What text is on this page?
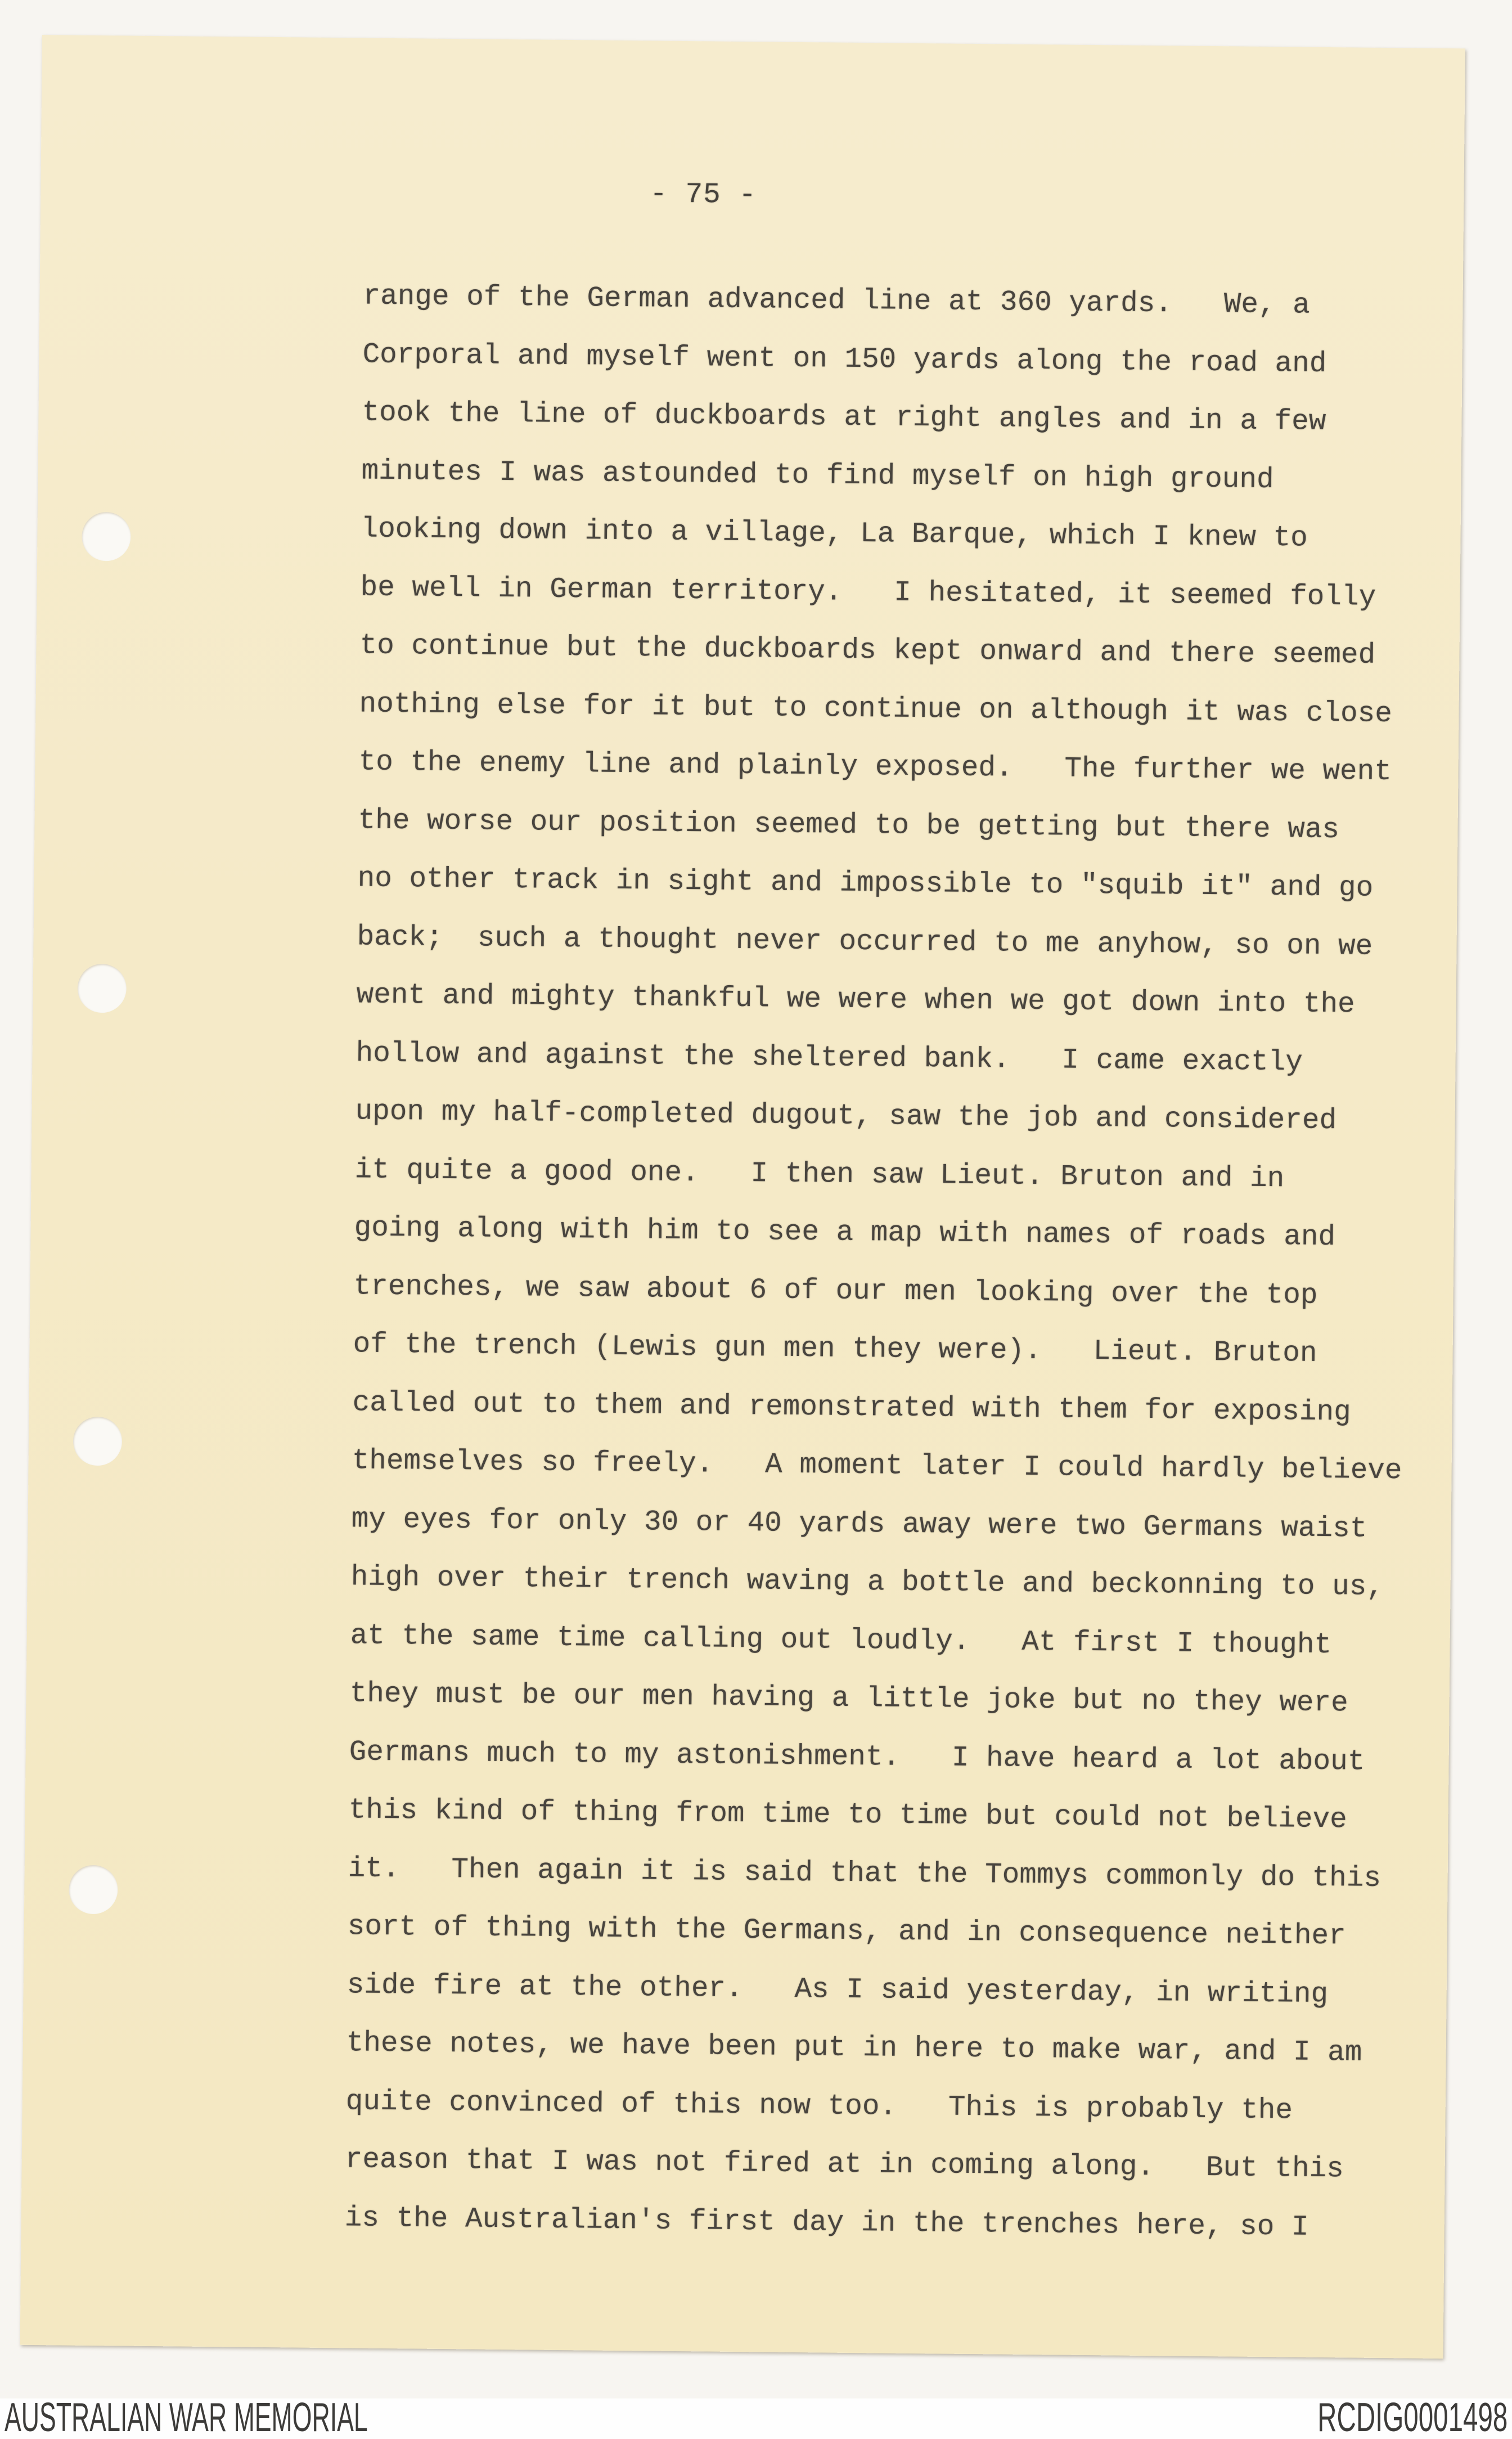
- 75 -
range of the German advanced line at 360 yards.   We, a
Corporal and myself went on 150 yards along the road and
took the line of duckboards at right angles and in a few
minutes I was astounded to find myself on high ground
looking down into a village, La Barque, which I knew to
be well in German territory.   I hesitated, it seemed folly
to continue but the duckboards kept onward and there seemed
nothing else for it but to continue on although it was close
to the enemy line and plainly exposed.   The further we went
the worse our position seemed to be getting but there was
no other track in sight and impossible to "squib it" and go
back;  such a thought never occurred to me anyhow, so on we
went and mighty thankful we were when we got down into the
hollow and against the sheltered bank.   I came exactly
upon my half-completed dugout, saw the job and considered
it quite a good one.   I then saw Lieut. Bruton and in
going along with him to see a map with names of roads and
trenches, we saw about 6 of our men looking over the top
of the trench (Lewis gun men they were).   Lieut. Bruton
called out to them and remonstrated with them for exposing
themselves so freely.   A moment later I could hardly believe
my eyes for only 30 or 40 yards away were two Germans waist
high over their trench waving a bottle and beckonning to us,
at the same time calling out loudly.   At first I thought
they must be our men having a little joke but no they were
Germans much to my astonishment.   I have heard a lot about
this kind of thing from time to time but could not believe
it.   Then again it is said that the Tommys commonly do this
sort of thing with the Germans, and in consequence neither
side fire at the other.   As I said yesterday, in writing
these notes, we have been put in here to make war, and I am
quite convinced of this now too.   This is probably the
reason that I was not fired at in coming along.   But this
is the Australian's first day in the trenches here, so I
AUSTRALIAN WAR MEMORIAL	RCDIG0001498
